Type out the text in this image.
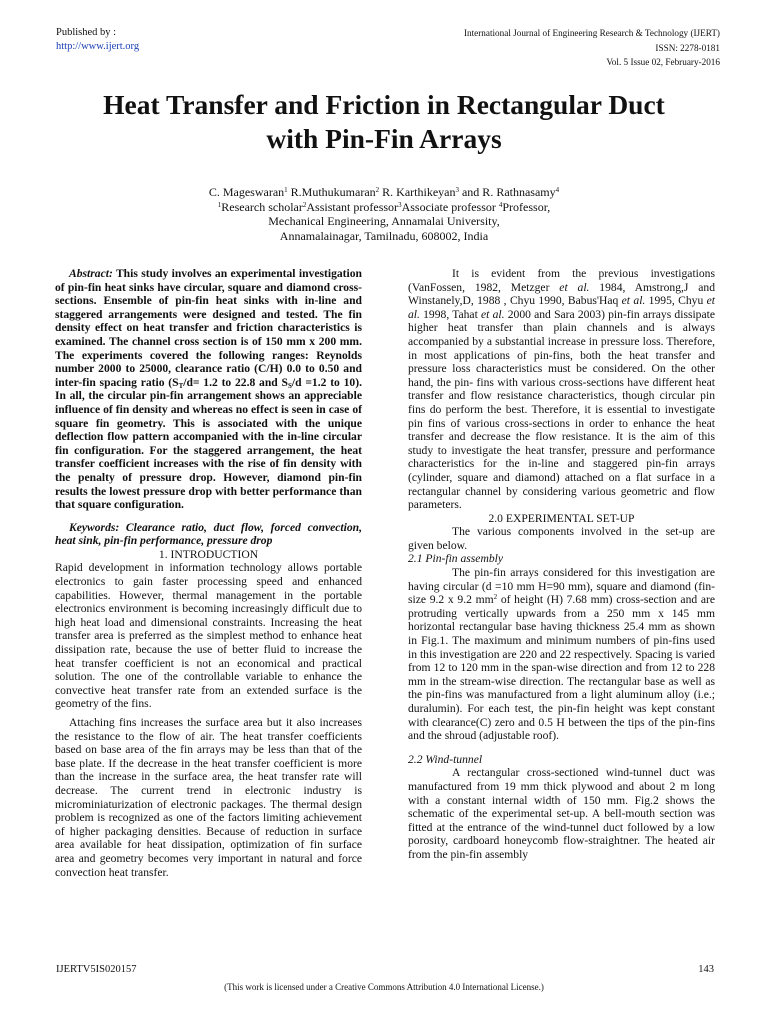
Published by :
http://www.ijert.org
International Journal of Engineering Research & Technology (IJERT)
ISSN: 2278-0181
Vol. 5 Issue 02, February-2016
Heat Transfer and Friction in Rectangular Duct
with Pin-Fin Arrays
C. Mageswaran$^1$ R.Muthukumaran$^2$ R. Karthikeyan$^3$ and R. Rathnasamy$^4$
$^1$Research scholar$^2$Assistant professor$^3$Associate professor $^4$Professor,
Mechanical Engineering, Annamalai University,
Annamalainagar, Tamilnadu, 608002, India

Abstract: This study involves an experimental investigation of pin-fin heat sinks have circular, square and diamond cross-sections. Ensemble of pin-fin heat sinks with in-line and staggered arrangements were designed and tested. The fin density effect on heat transfer and friction characteristics is examined. The channel cross section is of 150 mm x 200 mm. The experiments covered the following ranges: Reynolds number 2000 to 25000, clearance ratio (C/H) 0.0 to 0.50 and inter-fin spacing ratio ($S_T/d= 1.2$ to 22.8 and $S_S/d =1.2$ to 10). In all, the circular pin-fin arrangement shows an appreciable influence of fin density and whereas no effect is seen in case of square fin geometry. This is associated with the unique deflection flow pattern accompanied with the in-line circular fin configuration. For the staggered arrangement, the heat transfer coefficient increases with the rise of fin density with the penalty of pressure drop. However, diamond pin-fin results the lowest pressure drop with better performance than that square configuration.

Keywords: Clearance ratio, duct flow, forced convection, heat sink, pin-fin performance, pressure drop

1. INTRODUCTION

Rapid development in information technology allows portable electronics to gain faster processing speed and enhanced capabilities. However, thermal management in the portable electronics environment is becoming increasingly difficult due to high heat load and dimensional constraints. Increasing the heat transfer area is preferred as the simplest method to enhance heat dissipation rate, because the use of better fluid to increase the heat transfer coefficient is not an economical and practical solution. The one of the controllable variable to enhance the convective heat transfer rate from an extended surface is the geometry of the fins.

Attaching fins increases the surface area but it also increases the resistance to the flow of air. The heat transfer coefficients based on base area of the fin arrays may be less than that of the base plate. If the decrease in the heat transfer coefficient is more than the increase in the surface area, the heat transfer rate will decrease. The current trend in electronic industry is microminiaturization of electronic packages. The thermal design problem is recognized as one of the factors limiting achievement of higher packaging densities. Because of reduction in surface area available for heat dissipation, optimization of fin surface area and geometry becomes very important in natural and force convection heat transfer.

It is evident from the previous investigations (VanFossen, 1982, Metzger et al. 1984, Amstrong,J and Winstanely,D, 1988 , Chyu 1990, Babus'Haq et al. 1995, Chyu et al. 1998, Tahat et al. 2000 and Sara 2003) pin-fin arrays dissipate higher heat transfer than plain channels and is always accompanied by a substantial increase in pressure loss. Therefore, in most applications of pin-fins, both the heat transfer and pressure loss characteristics must be considered. On the other hand, the pin- fins with various cross-sections have different heat transfer and flow resistance characteristics, though circular pin fins do perform the best. Therefore, it is essential to investigate pin fins of various cross-sections in order to enhance the heat transfer and decrease the flow resistance. It is the aim of this study to investigate the heat transfer, pressure and performance characteristics for the in-line and staggered pin-fin arrays (cylinder, square and diamond) attached on a flat surface in a rectangular channel by considering various geometric and flow parameters.

2.0 EXPERIMENTAL SET-UP

The various components involved in the set-up are given below.

2.1 Pin-fin assembly

The pin-fin arrays considered for this investigation are having circular (d =10 mm H=90 mm), square and diamond (fin-size 9.2 x 9.2 $mm^2$ of height (H) 7.68 mm) cross-section and are protruding vertically upwards from a 250 mm x 145 mm horizontal rectangular base having thickness 25.4 mm as shown in Fig.1. The maximum and minimum numbers of pin-fins used in this investigation are 220 and 22 respectively. Spacing is varied from 12 to 120 mm in the span-wise direction and from 12 to 228 mm in the stream-wise direction. The rectangular base as well as the pin-fins was manufactured from a light aluminum alloy (i.e.; duralumin). For each test, the pin-fin height was kept constant with clearance(C) zero and 0.5 H between the tips of the pin-fins and the shroud (adjustable roof).

2.2 Wind-tunnel

A rectangular cross-sectioned wind-tunnel duct was manufactured from 19 mm thick plywood and about 2 m long with a constant internal width of 150 mm. Fig.2 shows the schematic of the experimental set-up. A bell-mouth section was fitted at the entrance of the wind-tunnel duct followed by a low porosity, cardboard honeycomb flow-straightner. The heated air from the pin-fin assembly

IJERTV5IS020157	143
(This work is licensed under a Creative Commons Attribution 4.0 International License.)
